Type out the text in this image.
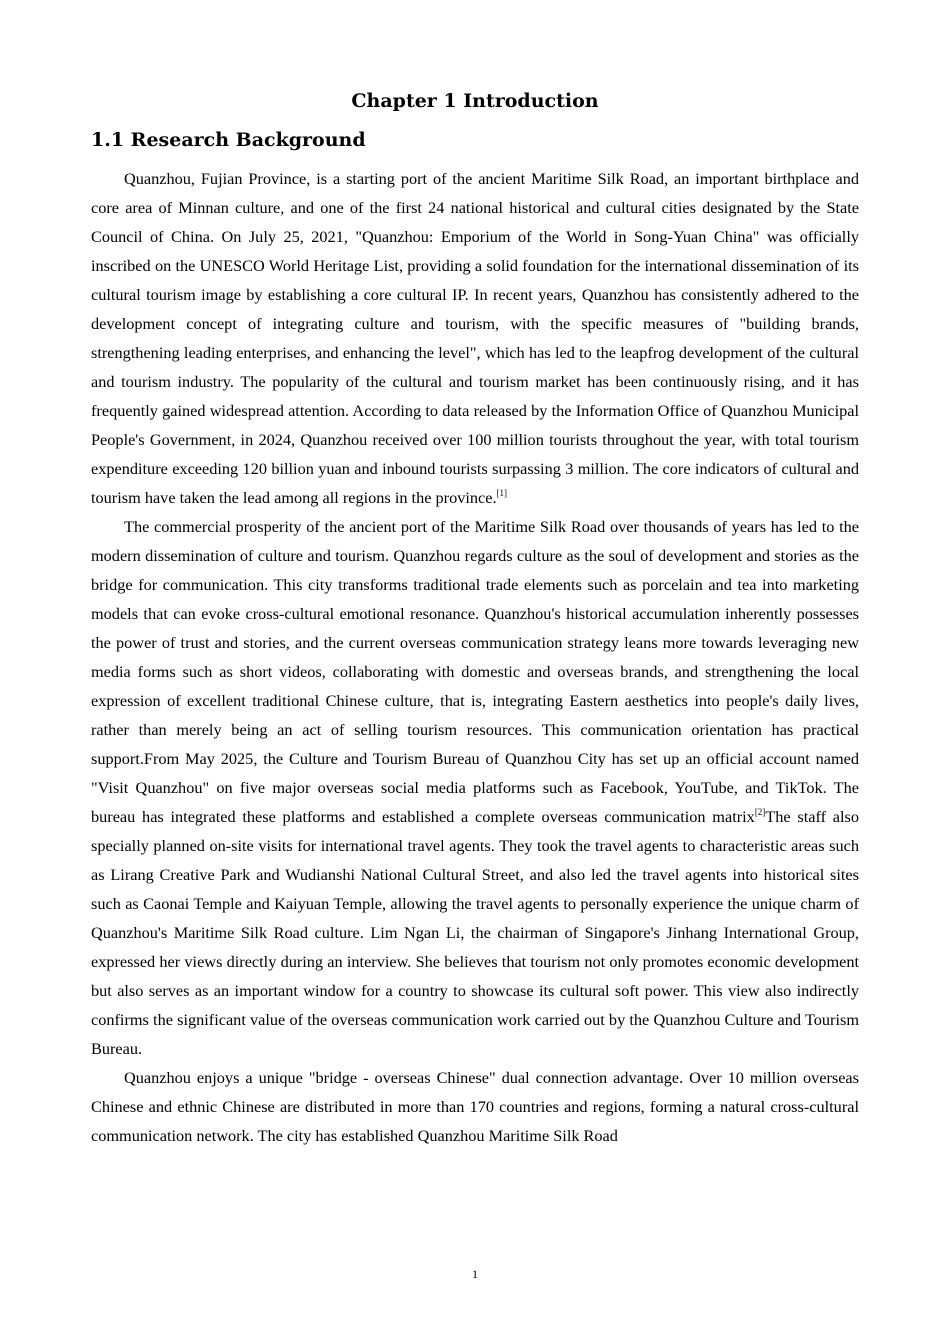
Chapter 1 Introduction
1.1 Research Background

Quanzhou, Fujian Province, is a starting port of the ancient Maritime Silk Road, an important birthplace and core area of Minnan culture, and one of the first 24 national historical and cultural cities designated by the State Council of China. On July 25, 2021, "Quanzhou: Emporium of the World in Song-Yuan China" was officially inscribed on the UNESCO World Heritage List, providing a solid foundation for the international dissemination of its cultural tourism image by establishing a core cultural IP. In recent years, Quanzhou has consistently adhered to the development concept of integrating culture and tourism, with the specific measures of "building brands, strengthening leading enterprises, and enhancing the level", which has led to the leapfrog development of the cultural and tourism industry. The popularity of the cultural and tourism market has been continuously rising, and it has frequently gained widespread attention. According to data released by the Information Office of Quanzhou Municipal People's Government, in 2024, Quanzhou received over 100 million tourists throughout the year, with total tourism expenditure exceeding 120 billion yuan and inbound tourists surpassing 3 million. The core indicators of cultural and tourism have taken the lead among all regions in the province.[1]

The commercial prosperity of the ancient port of the Maritime Silk Road over thousands of years has led to the modern dissemination of culture and tourism. Quanzhou regards culture as the soul of development and stories as the bridge for communication. This city transforms traditional trade elements such as porcelain and tea into marketing models that can evoke cross-cultural emotional resonance. Quanzhou's historical accumulation inherently possesses the power of trust and stories, and the current overseas communication strategy leans more towards leveraging new media forms such as short videos, collaborating with domestic and overseas brands, and strengthening the local expression of excellent traditional Chinese culture, that is, integrating Eastern aesthetics into people's daily lives, rather than merely being an act of selling tourism resources. This communication orientation has practical support.From May 2025, the Culture and Tourism Bureau of Quanzhou City has set up an official account named "Visit Quanzhou" on five major overseas social media platforms such as Facebook, YouTube, and TikTok. The bureau has integrated these platforms and established a complete overseas communication matrix[2]The staff also specially planned on-site visits for international travel agents. They took the travel agents to characteristic areas such as Lirang Creative Park and Wudianshi National Cultural Street, and also led the travel agents into historical sites such as Caonai Temple and Kaiyuan Temple, allowing the travel agents to personally experience the unique charm of Quanzhou's Maritime Silk Road culture. Lim Ngan Li, the chairman of Singapore's Jinhang International Group, expressed her views directly during an interview. She believes that tourism not only promotes economic development but also serves as an important window for a country to showcase its cultural soft power. This view also indirectly confirms the significant value of the overseas communication work carried out by the Quanzhou Culture and Tourism Bureau.

Quanzhou enjoys a unique "bridge - overseas Chinese" dual connection advantage. Over 10 million overseas Chinese and ethnic Chinese are distributed in more than 170 countries and regions, forming a natural cross-cultural communication network. The city has established Quanzhou Maritime Silk Road

1
